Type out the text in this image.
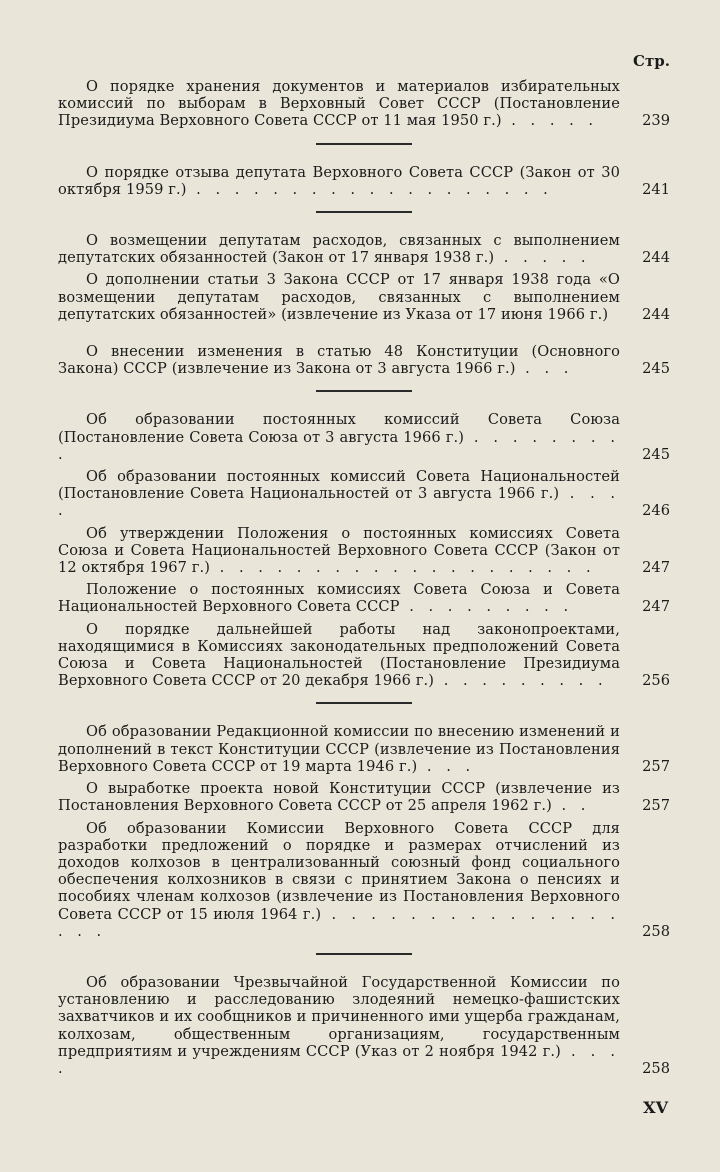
Стр.

О порядке хранения документов и материалов избирательных комиссий по выборам в Верховный Совет СССР (Постановление Президиума Верховного Совета СССР от 11 мая 1950 г.) . . . . .	239

О порядке отзыва депутата Верховного Совета СССР (Закон от 30 октября 1959 г.) . . . . . . . . . . . . . . . . . . .	241

О возмещении депутатам расходов, связанных с выполнением депутатских обязанностей (Закон от 17 января 1938 г.) . . . . .	244

О дополнении статьи 3 Закона СССР от 17 января 1938 года «О возмещении депутатам расходов, связанных с выполнением депутатских обязанностей» (извлечение из Указа от 17 июня 1966 г.)	244

О внесении изменения в статью 48 Конституции (Основного Закона) СССР (извлечение из Закона от 3 августа 1966 г.) . . .	245

Об образовании постоянных комиссий Совета Союза (Постановление Совета Союза от 3 августа 1966 г.) . . . . . . . . .	245

Об образовании постоянных комиссий Совета Национальностей (Постановление Совета Национальностей от 3 августа 1966 г.) . . . .	246

Об утверждении Положения о постоянных комиссиях Совета Союза и Совета Национальностей Верховного Совета СССР (Закон от 12 октября 1967 г.) . . . . . . . . . . . . . . . . . . . .	247

Положение о постоянных комиссиях Совета Союза и Совета Национальностей Верховного Совета СССР . . . . . . . . .	247

О порядке дальнейшей работы над законопроектами, находящимися в Комиссиях законодательных предположений Совета Союза и Совета Национальностей (Постановление Президиума Верховного Совета СССР от 20 декабря 1966 г.) . . . . . . . . .	256

Об образовании Редакционной комиссии по внесению изменений и дополнений в текст Конституции СССР (извлечение из Постановления Верховного Совета СССР от 19 марта 1946 г.) . . .	257

О выработке проекта новой Конституции СССР (извлечение из Постановления Верховного Совета СССР от 25 апреля 1962 г.) . .	257

Об образовании Комиссии Верховного Совета СССР для разработки предложений о порядке и размерах отчислений из доходов колхозов в централизованный союзный фонд социального обеспечения колхозников в связи с принятием Закона о пенсиях и пособиях членам колхозов (извлечение из Постановления Верховного Совета СССР от 15 июля 1964 г.) . . . . . . . . . . . . . . . . . .	258

Об образовании Чрезвычайной Государственной Комиссии по установлению и расследованию злодеяний немецко-фашистских захватчиков и их сообщников и причиненного ими ущерба гражданам, колхозам, общественным организациям, государственным предприятиям и учреждениям СССР (Указ от 2 ноября 1942 г.) . . . .	258
XV
